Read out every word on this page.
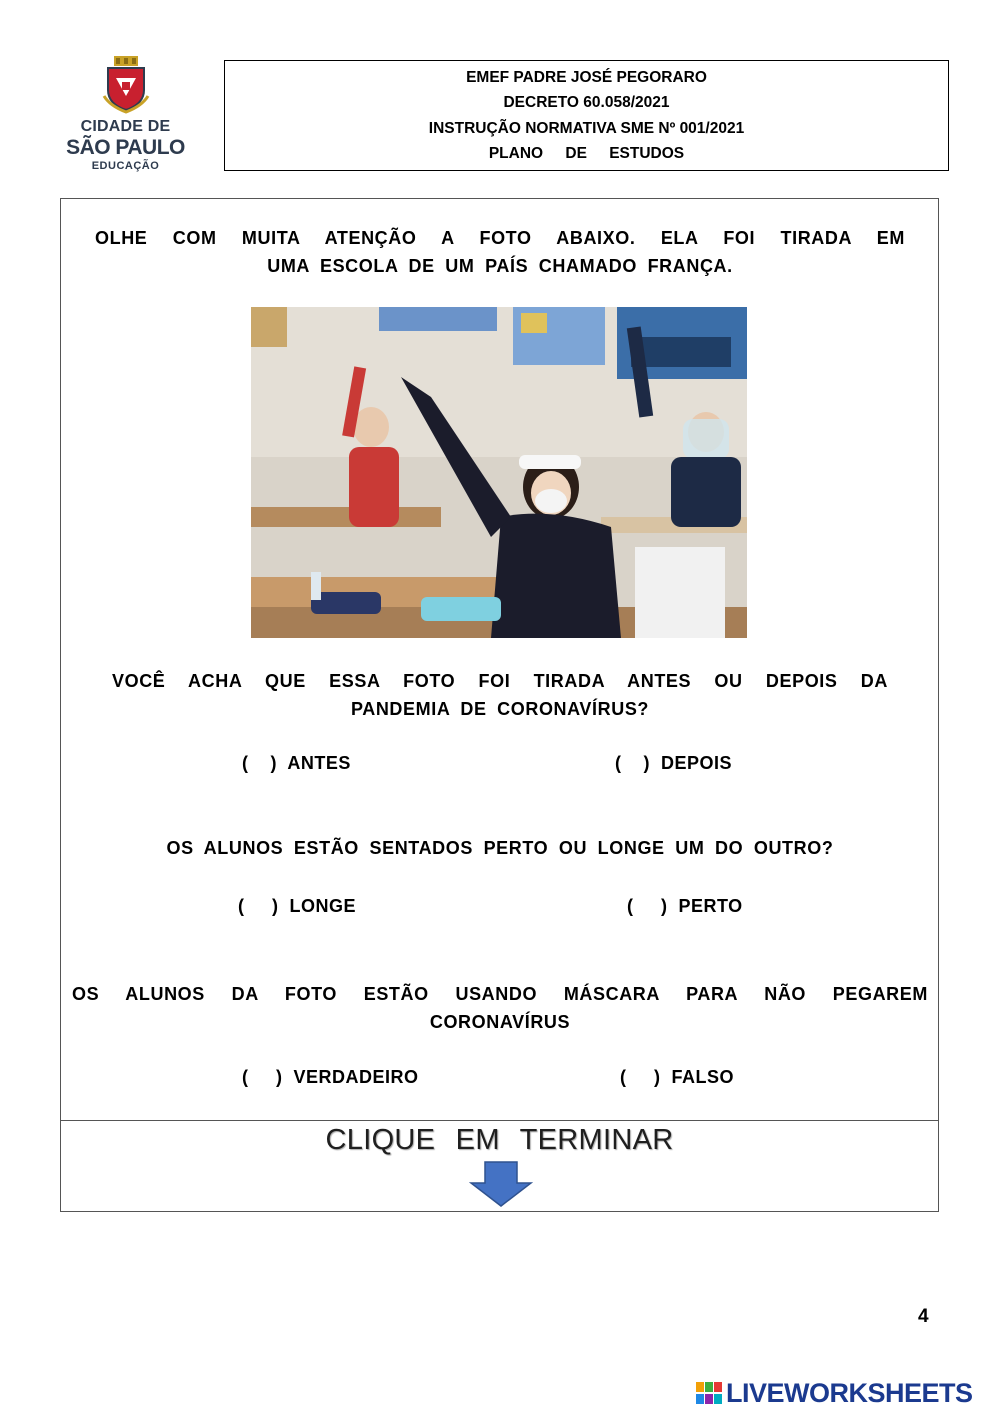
CIDADE DE
SÃO PAULO
EDUCAÇÃO
EMEF PADRE JOSÉ PEGORARO
DECRETO 60.058/2021
INSTRUÇÃO NORMATIVA SME Nº 001/2021
PLANO DE ESTUDOS
OLHE COM MUITA ATENÇÃO A FOTO ABAIXO. ELA FOI TIRADA EM
UMA ESCOLA DE UM PAÍS CHAMADO FRANÇA.
VOCÊ ACHA QUE ESSA FOTO FOI TIRADA ANTES OU DEPOIS DA
PANDEMIA DE CORONAVÍRUS?
(    )  ANTES	(    )  DEPOIS
OS ALUNOS ESTÃO SENTADOS PERTO OU LONGE UM DO OUTRO?
(     )  LONGE	(     )  PERTO
OS ALUNOS DA FOTO ESTÃO USANDO MÁSCARA PARA NÃO PEGAREM
CORONAVÍRUS
(     )  VERDADEIRO	(     )  FALSO
CLIQUE EM TERMINAR
4
LIVEWORKSHEETS
